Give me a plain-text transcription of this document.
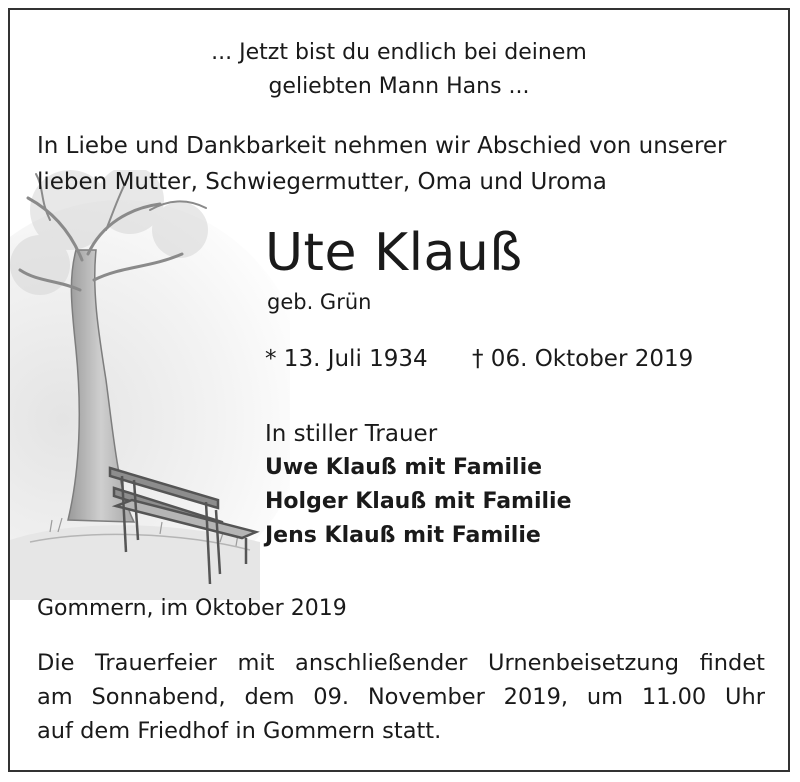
... Jetzt bist du endlich bei deinem
geliebten Mann Hans ...
In Liebe und Dankbarkeit nehmen wir Abschied von unserer
lieben Mutter, Schwiegermutter, Oma und Uroma
Ute Klauß
geb. Grün
* 13. Juli 1934 † 06. Oktober 2019
In stiller Trauer
Uwe Klauß mit Familie
Holger Klauß mit Familie
Jens Klauß mit Familie
Gommern, im Oktober 2019
Die Trauerfeier mit anschließender Urnenbeisetzung findet
am Sonnabend, dem 09. November 2019, um 11.00 Uhr
auf dem Friedhof in Gommern statt.
